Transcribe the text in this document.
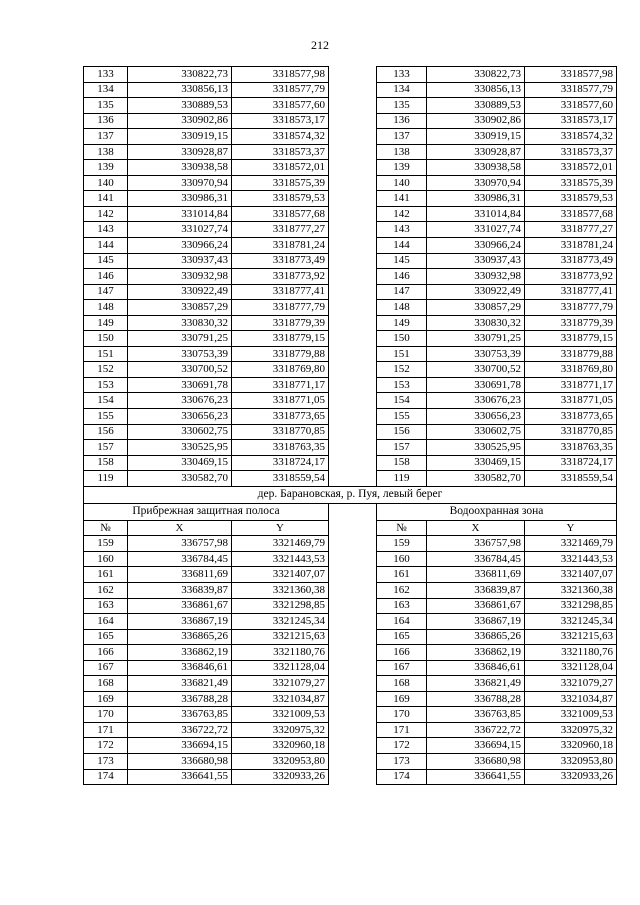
212
133	330822,73	3318577,98		133	330822,73	3318577,98
134	330856,13	3318577,79		134	330856,13	3318577,79
135	330889,53	3318577,60		135	330889,53	3318577,60
136	330902,86	3318573,17		136	330902,86	3318573,17
137	330919,15	3318574,32		137	330919,15	3318574,32
138	330928,87	3318573,37		138	330928,87	3318573,37
139	330938,58	3318572,01		139	330938,58	3318572,01
140	330970,94	3318575,39		140	330970,94	3318575,39
141	330986,31	3318579,53		141	330986,31	3318579,53
142	331014,84	3318577,68		142	331014,84	3318577,68
143	331027,74	3318777,27		143	331027,74	3318777,27
144	330966,24	3318781,24		144	330966,24	3318781,24
145	330937,43	3318773,49		145	330937,43	3318773,49
146	330932,98	3318773,92		146	330932,98	3318773,92
147	330922,49	3318777,41		147	330922,49	3318777,41
148	330857,29	3318777,79		148	330857,29	3318777,79
149	330830,32	3318779,39		149	330830,32	3318779,39
150	330791,25	3318779,15		150	330791,25	3318779,15
151	330753,39	3318779,88		151	330753,39	3318779,88
152	330700,52	3318769,80		152	330700,52	3318769,80
153	330691,78	3318771,17		153	330691,78	3318771,17
154	330676,23	3318771,05		154	330676,23	3318771,05
155	330656,23	3318773,65		155	330656,23	3318773,65
156	330602,75	3318770,85		156	330602,75	3318770,85
157	330525,95	3318763,35		157	330525,95	3318763,35
158	330469,15	3318724,17		158	330469,15	3318724,17
119	330582,70	3318559,54		119	330582,70	3318559,54
дер. Барановская, р. Пуя, левый берег						
Прибрежная защитная полоса				Водоохранная зона		
№	X	Y		№	X	Y
159	336757,98	3321469,79		159	336757,98	3321469,79
160	336784,45	3321443,53		160	336784,45	3321443,53
161	336811,69	3321407,07		161	336811,69	3321407,07
162	336839,87	3321360,38		162	336839,87	3321360,38
163	336861,67	3321298,85		163	336861,67	3321298,85
164	336867,19	3321245,34		164	336867,19	3321245,34
165	336865,26	3321215,63		165	336865,26	3321215,63
166	336862,19	3321180,76		166	336862,19	3321180,76
167	336846,61	3321128,04		167	336846,61	3321128,04
168	336821,49	3321079,27		168	336821,49	3321079,27
169	336788,28	3321034,87		169	336788,28	3321034,87
170	336763,85	3321009,53		170	336763,85	3321009,53
171	336722,72	3320975,32		171	336722,72	3320975,32
172	336694,15	3320960,18		172	336694,15	3320960,18
173	336680,98	3320953,80		173	336680,98	3320953,80
174	336641,55	3320933,26		174	336641,55	3320933,26
